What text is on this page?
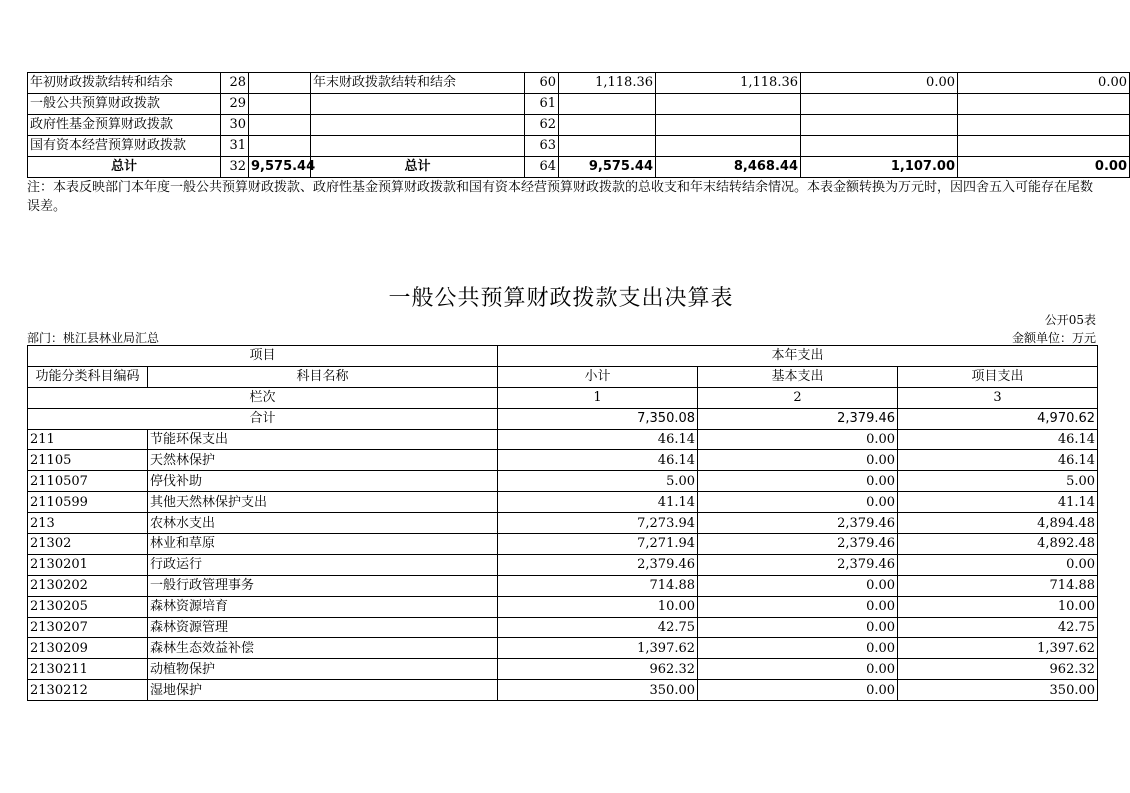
年初财政拨款结转和结余	28		年末财政拨款结转和结余	60	1,118.36	1,118.36	0.00	0.00
一般公共预算财政拨款	29			61				
政府性基金预算财政拨款	30			62				
国有资本经营预算财政拨款	31			63				
总计	32	9,575.44	总计	64	9,575.44	8,468.44	1,107.00	0.00
注：本表反映部门本年度一般公共预算财政拨款、政府性基金预算财政拨款和国有资本经营预算财政拨款的总收支和年末结转结余情况。本表金额转换为万元时，因四舍五入可能存在尾数误差。
一般公共预算财政拨款支出决算表
公开05表
部门：桃江县林业局汇总	金额单位：万元
项目		本年支出		
功能分类科目编码	科目名称	小计	基本支出	项目支出
栏次		1	2	3
合计		7,350.08	2,379.46	4,970.62
211	节能环保支出	46.14	0.00	46.14
21105	天然林保护	46.14	0.00	46.14
2110507	停伐补助	5.00	0.00	5.00
2110599	其他天然林保护支出	41.14	0.00	41.14
213	农林水支出	7,273.94	2,379.46	4,894.48
21302	林业和草原	7,271.94	2,379.46	4,892.48
2130201	行政运行	2,379.46	2,379.46	0.00
2130202	一般行政管理事务	714.88	0.00	714.88
2130205	森林资源培育	10.00	0.00	10.00
2130207	森林资源管理	42.75	0.00	42.75
2130209	森林生态效益补偿	1,397.62	0.00	1,397.62
2130211	动植物保护	962.32	0.00	962.32
2130212	湿地保护	350.00	0.00	350.00
